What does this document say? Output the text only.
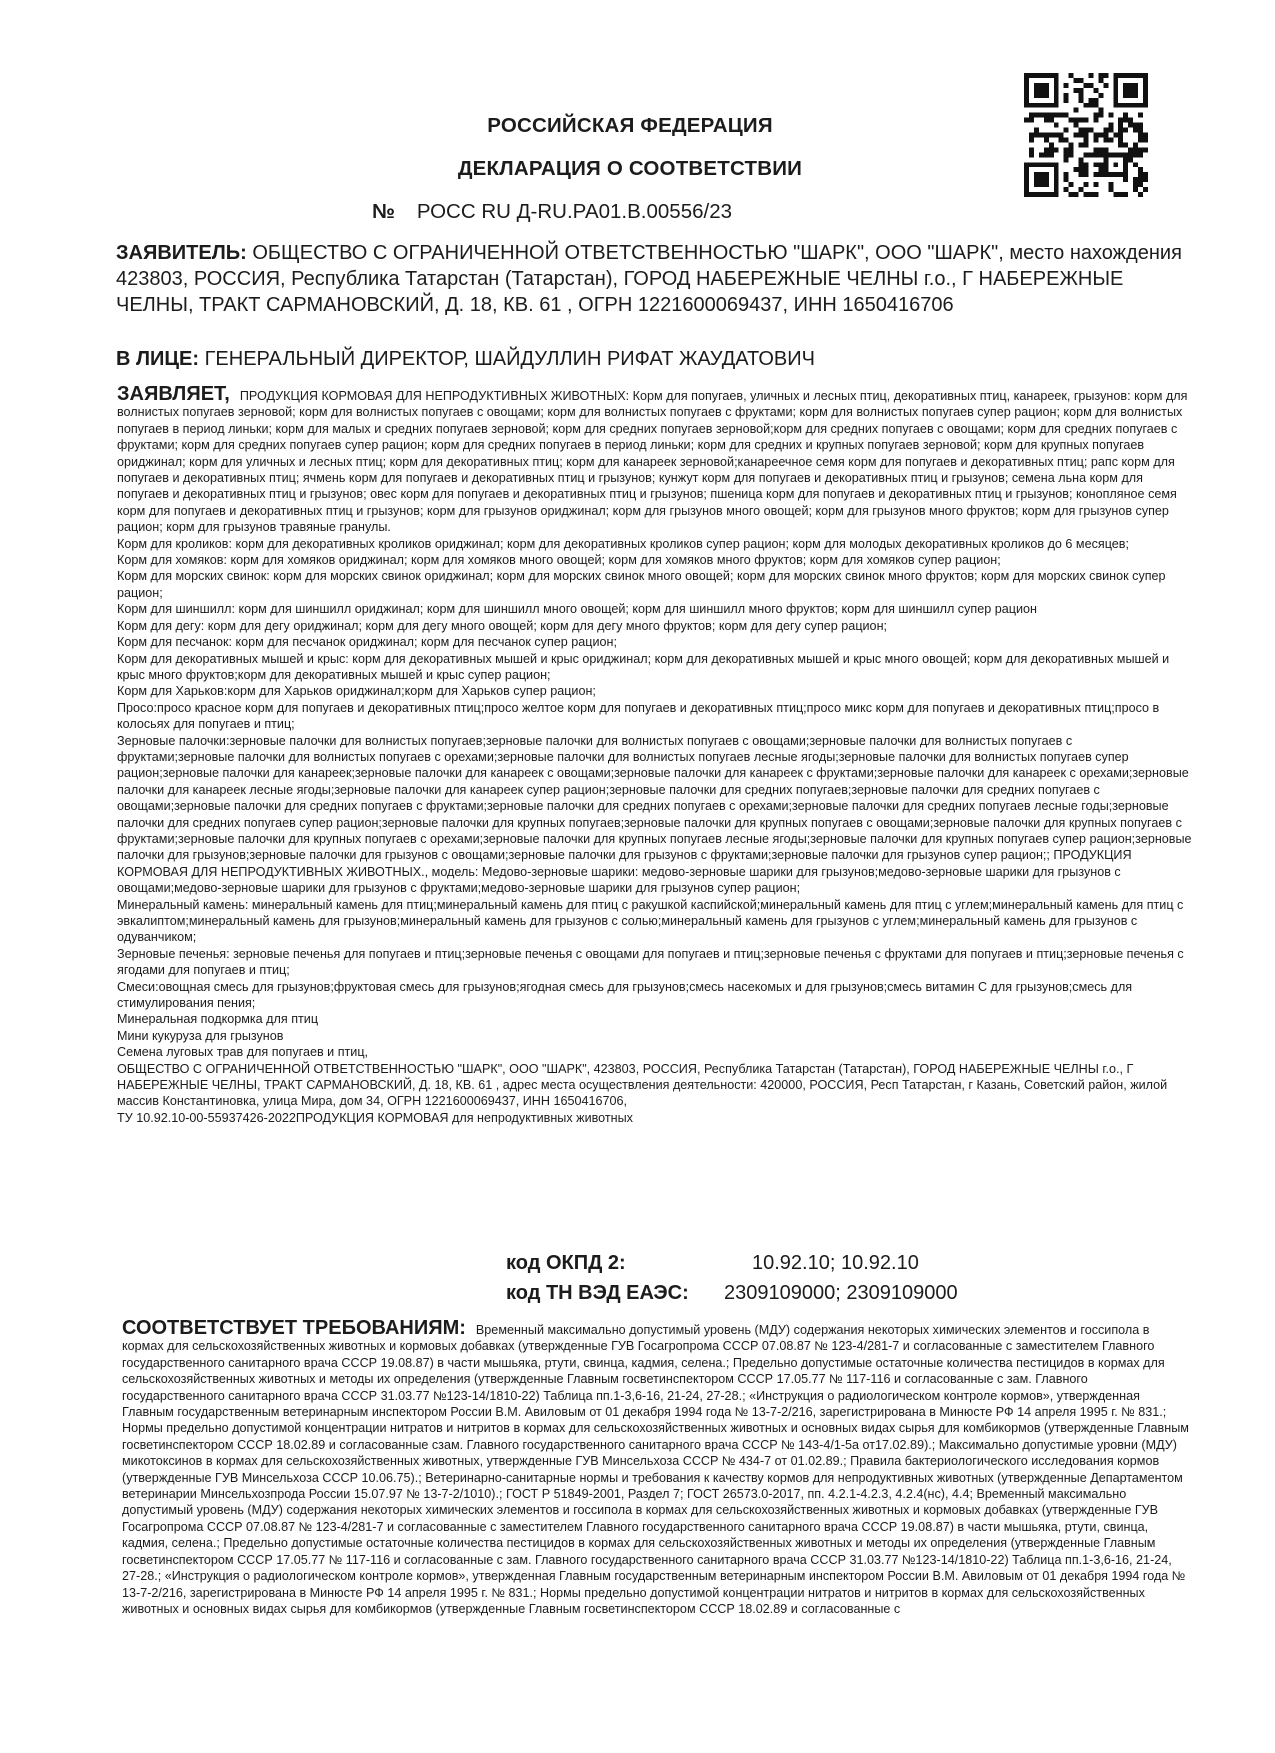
РОССИЙСКАЯ ФЕДЕРАЦИЯ
ДЕКЛАРАЦИЯ О СООТВЕТСТВИИ
№ РОСС RU Д-RU.РА01.В.00556/23
ЗАЯВИТЕЛЬ: ОБЩЕСТВО С ОГРАНИЧЕННОЙ ОТВЕТСТВЕННОСТЬЮ "ШАРК", ООО "ШАРК", место нахождения 423803, РОССИЯ, Республика Татарстан (Татарстан), ГОРОД НАБЕРЕЖНЫЕ ЧЕЛНЫ г.о., Г НАБЕРЕЖНЫЕ ЧЕЛНЫ, ТРАКТ САРМАНОВСКИЙ, Д. 18, КВ. 61 , ОГРН 1221600069437, ИНН 1650416706
В ЛИЦЕ: ГЕНЕРАЛЬНЫЙ ДИРЕКТОР, ШАЙДУЛЛИН РИФАТ ЖАУДАТОВИЧ

ЗАЯВЛЯЕТ, ПРОДУКЦИЯ КОРМОВАЯ ДЛЯ НЕПРОДУКТИВНЫХ ЖИВОТНЫХ: Корм для попугаев, уличных и лесных птиц, декоративных птиц, канареек, грызунов: корм для волнистых попугаев зерновой; корм для волнистых попугаев с овощами; корм для волнистых попугаев с фруктами; корм для волнистых попугаев супер рацион; корм для волнистых попугаев в период линьки; корм для малых и средних попугаев зерновой; корм для средних попугаев зерновой;корм для средних попугаев с овощами; корм для средних попугаев с фруктами; корм для средних попугаев супер рацион; корм для средних попугаев в период линьки; корм для средних и крупных попугаев зерновой; корм для крупных попугаев ориджинал; корм для уличных и лесных птиц; корм для декоративных птиц; корм для канареек зерновой;канареечное семя корм для попугаев и декоративных птиц; рапс корм для попугаев и декоративных птиц; ячмень корм для попугаев и декоративных птиц и грызунов; кунжут корм для попугаев и декоративных птиц и грызунов; семена льна корм для попугаев и декоративных птиц и грызунов; овес корм для попугаев и декоративных птиц и грызунов; пшеница корм для попугаев и декоративных птиц и грызунов; конопляное семя корм для попугаев и декоративных птиц и грызунов; корм для грызунов ориджинал; корм для грызунов много овощей; корм для грызунов много фруктов; корм для грызунов супер рацион; корм для грызунов травяные гранулы.

Корм для кроликов: корм для декоративных кроликов ориджинал; корм для декоративных кроликов супер рацион; корм для молодых декоративных кроликов до 6 месяцев;

Корм для хомяков: корм для хомяков ориджинал; корм для хомяков много овощей; корм для хомяков много фруктов; корм для хомяков супер рацион;

Корм для морских свинок: корм для морских свинок ориджинал; корм для морских свинок много овощей; корм для морских свинок много фруктов; корм для морских свинок супер рацион;

Корм для шиншилл: корм для шиншилл ориджинал; корм для шиншилл много овощей; корм для шиншилл много фруктов; корм для шиншилл супер рацион

Корм для дегу: корм для дегу ориджинал; корм для дегу много овощей; корм для дегу много фруктов; корм для дегу супер рацион;

Корм для песчанок: корм для песчанок ориджинал; корм для песчанок супер рацион;

Корм для декоративных мышей и крыс: корм для декоративных мышей и крыс ориджинал; корм для декоративных мышей и крыс много овощей; корм для декоративных мышей и крыс много фруктов;корм для декоративных мышей и крыс супер рацион;

Корм для Харьков:корм для Харьков ориджинал;корм для Харьков супер рацион;

Просо:просо красное корм для попугаев и декоративных птиц;просо желтое корм для попугаев и декоративных птиц;просо микс корм для попугаев и декоративных птиц;просо в колосьях для попугаев и птиц;

Зерновые палочки:зерновые палочки для волнистых попугаев;зерновые палочки для волнистых попугаев с овощами;зерновые палочки для волнистых попугаев с фруктами;зерновые палочки для волнистых попугаев с орехами;зерновые палочки для волнистых попугаев лесные ягоды;зерновые палочки для волнистых попугаев супер рацион;зерновые палочки для канареек;зерновые палочки для канареек с овощами;зерновые палочки для канареек с фруктами;зерновые палочки для канареек с орехами;зерновые палочки для канареек лесные ягоды;зерновые палочки для канареек супер рацион;зерновые палочки для средних попугаев;зерновые палочки для средних попугаев с овощами;зерновые палочки для средних попугаев с фруктами;зерновые палочки для средних попугаев с орехами;зерновые палочки для средних попугаев лесные годы;зерновые палочки для средних попугаев супер рацион;зерновые палочки для крупных попугаев;зерновые палочки для крупных попугаев с овощами;зерновые палочки для крупных попугаев с фруктами;зерновые палочки для крупных попугаев с орехами;зерновые палочки для крупных попугаев лесные ягоды;зерновые палочки для крупных попугаев супер рацион;зерновые палочки для грызунов;зерновые палочки для грызунов с овощами;зерновые палочки для грызунов с фруктами;зерновые палочки для грызунов супер рацион;; ПРОДУКЦИЯ КОРМОВАЯ ДЛЯ НЕПРОДУКТИВНЫХ ЖИВОТНЫХ., модель: Медово-зерновые шарики: медово-зерновые шарики для грызунов;медово-зерновые шарики для грызунов с овощами;медово-зерновые шарики для грызунов с фруктами;медово-зерновые шарики для грызунов супер рацион;

Минеральный камень: минеральный камень для птиц;минеральный камень для птиц с ракушкой каспийской;минеральный камень для птиц с углем;минеральный камень для птиц с эвкалиптом;минеральный камень для грызунов;минеральный камень для грызунов с солью;минеральный камень для грызунов с углем;минеральный камень для грызунов с одуванчиком;

Зерновые печенья: зерновые печенья для попугаев и птиц;зерновые печенья с овощами для попугаев и птиц;зерновые печенья с фруктами для попугаев и птиц;зерновые печенья с ягодами для попугаев и птиц;

Смеси:овощная смесь для грызунов;фруктовая смесь для грызунов;ягодная смесь для грызунов;смесь насекомых и для грызунов;смесь витамин С для грызунов;смесь для стимулирования пения;

Минеральная подкормка для птиц

Мини кукуруза для грызунов

Семена луговых трав для попугаев и птиц,

ОБЩЕСТВО С ОГРАНИЧЕННОЙ ОТВЕТСТВЕННОСТЬЮ "ШАРК", ООО "ШАРК", 423803, РОССИЯ, Республика Татарстан (Татарстан), ГОРОД НАБЕРЕЖНЫЕ ЧЕЛНЫ г.о., Г НАБЕРЕЖНЫЕ ЧЕЛНЫ, ТРАКТ САРМАНОВСКИЙ, Д. 18, КВ. 61 , адрес места осуществления деятельности: 420000, РОССИЯ, Респ Татарстан, г Казань, Советский район, жилой массив Константиновка, улица Мира, дом 34, ОГРН 1221600069437, ИНН 1650416706,

ТУ 10.92.10-00-55937426-2022ПРОДУКЦИЯ КОРМОВАЯ для непродуктивных животных

код ОКПД 2:	10.92.10; 10.92.10
код ТН ВЭД ЕАЭС: 2309109000; 2309109000
СООТВЕТСТВУЕТ ТРЕБОВАНИЯМ: Временный максимально допустимый уровень (МДУ) содержания некоторых химических элементов и госсипола в кормах для сельскохозяйственных животных и кормовых добавках (утвержденные ГУВ Госагропрома СССР 07.08.87 № 123-4/281-7 и согласованные с заместителем Главного государственного санитарного врача СССР 19.08.87) в части мышьяка, ртути, свинца, кадмия, селена.; Предельно допустимые остаточные количества пестицидов в кормах для сельскохозяйственных животных и методы их определения (утвержденные Главным госветинспектором СССР 17.05.77 № 117-116 и согласованные с зам. Главного государственного санитарного врача СССР 31.03.77 №123-14/1810-22) Таблица пп.1-3,6-16, 21-24, 27-28.; «Инструкция о радиологическом контроле кормов», утвержденная Главным государственным ветеринарным инспектором России В.М. Авиловым от 01 декабря 1994 года № 13-7-2/216, зарегистрирована в Минюсте РФ 14 апреля 1995 г. № 831.; Нормы предельно допустимой концентрации нитратов и нитритов в кормах для сельскохозяйственных животных и основных видах сырья для комбикормов (утвержденные Главным госветинспектором СССР 18.02.89 и согласованные сзам. Главного государственного санитарного врача СССР № 143-4/1-5а от17.02.89).; Максимально допустимые уровни (МДУ) микотоксинов в кормах для сельскохозяйственных животных, утвержденные ГУВ Минсельхоза СССР № 434-7 от 01.02.89.; Правила бактериологического исследования кормов (утвержденные ГУВ Минсельхоза СССР 10.06.75).; Ветеринарно-санитарные нормы и требования к качеству кормов для непродуктивных животных (утвержденные Департаментом ветеринарии Минсельхозпрода России 15.07.97 № 13-7-2/1010).; ГОСТ Р 51849-2001, Раздел 7; ГОСТ 26573.0-2017, пп. 4.2.1-4.2.3, 4.2.4(нс), 4.4; Временный максимально допустимый уровень (МДУ) содержания некоторых химических элементов и госсипола в кормах для сельскохозяйственных животных и кормовых добавках (утвержденные ГУВ Госагропрома СССР 07.08.87 № 123-4/281-7 и согласованные с заместителем Главного государственного санитарного врача СССР 19.08.87) в части мышьяка, ртути, свинца, кадмия, селена.; Предельно допустимые остаточные количества пестицидов в кормах для сельскохозяйственных животных и методы их определения (утвержденные Главным госветинспектором СССР 17.05.77 № 117-116 и согласованные с зам. Главного государственного санитарного врача СССР 31.03.77 №123-14/1810-22) Таблица пп.1-3,6-16, 21-24, 27-28.; «Инструкция о радиологическом контроле кормов», утвержденная Главным государственным ветеринарным инспектором России В.М. Авиловым от 01 декабря 1994 года № 13-7-2/216, зарегистрирована в Минюсте РФ 14 апреля 1995 г. № 831.; Нормы предельно допустимой концентрации нитратов и нитритов в кормах для сельскохозяйственных животных и основных видах сырья для комбикормов (утвержденные Главным госветинспектором СССР 18.02.89 и согласованные с
